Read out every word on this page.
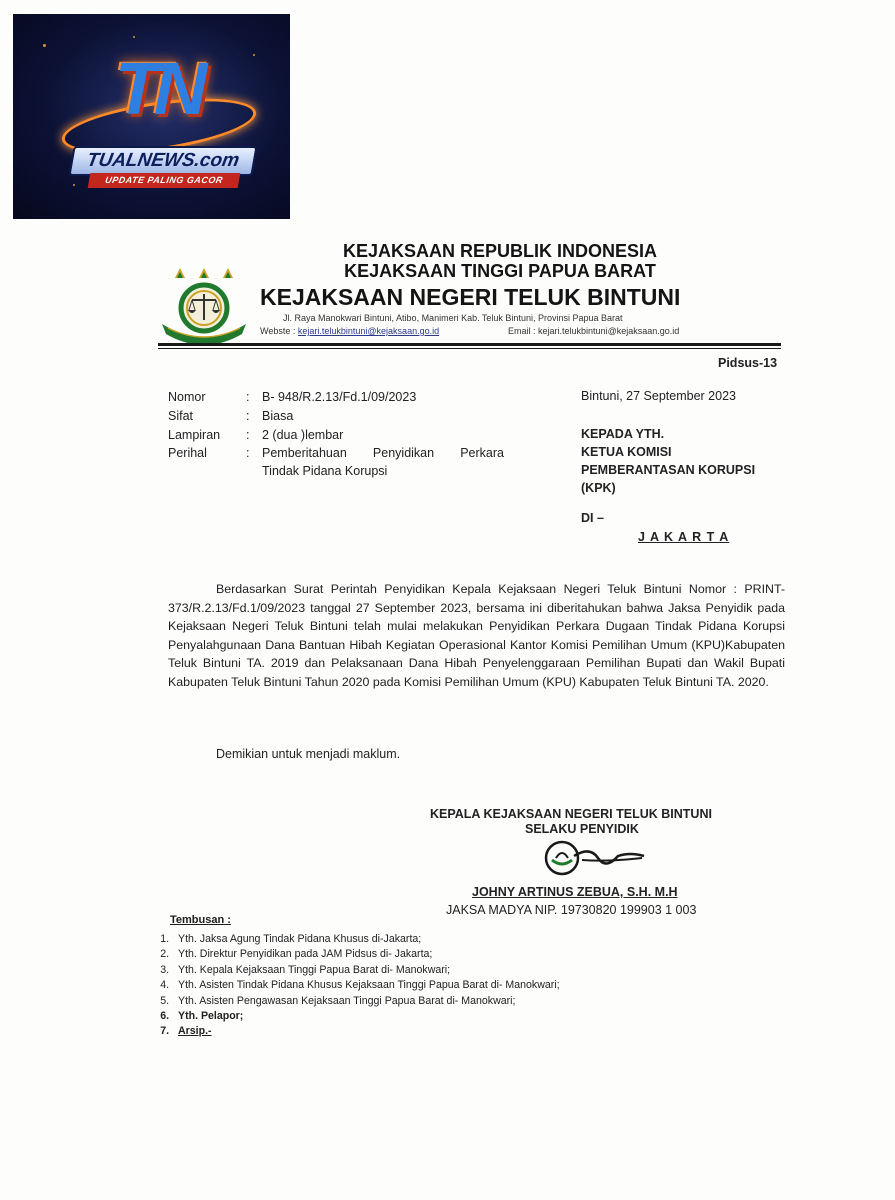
TN
TUALNEWS.com
UPDATE PALING GACOR
KEJAKSAAN REPUBLIK INDONESIA
KEJAKSAAN TINGGI PAPUA BARAT
KEJAKSAAN NEGERI TELUK BINTUNI
Jl. Raya Manokwari Bintuni, Atibo, Manimeri Kab. Teluk Bintuni, Provinsi Papua Barat
Webste : kejari.telukbintuni@kejaksaan.go.id	Email : kejari.telukbintuni@kejaksaan.go.id
Pidsus-13
Nomor	: B- 948/R.2.13/Fd.1/09/2023
Sifat	: Biasa
Lampiran : 2 (dua )lembar
Perihal	: Pemberitahuan Penyidikan Perkara
Tindak Pidana Korupsi
Bintuni, 27 September 2023
KEPADA YTH.
KETUA KOMISI
PEMBERANTASAN KORUPSI
(KPK)
DI –
J A K A R T A
Berdasarkan Surat Perintah Penyidikan Kepala Kejaksaan Negeri Teluk Bintuni Nomor : PRINT- 373/R.2.13/Fd.1/09/2023 tanggal 27 September 2023, bersama ini diberitahukan bahwa Jaksa Penyidik pada Kejaksaan Negeri Teluk Bintuni telah mulai melakukan Penyidikan Perkara Dugaan Tindak Pidana Korupsi Penyalahgunaan Dana Bantuan Hibah Kegiatan Operasional Kantor Komisi Pemilihan Umum (KPU)Kabupaten Teluk Bintuni TA. 2019 dan Pelaksanaan Dana Hibah Penyelenggaraan Pemilihan Bupati dan Wakil Bupati Kabupaten Teluk Bintuni Tahun 2020 pada Komisi Pemilihan Umum (KPU) Kabupaten Teluk Bintuni TA. 2020.
Demikian untuk menjadi maklum.
KEPALA KEJAKSAAN NEGERI TELUK BINTUNI
SELAKU PENYIDIK
JOHNY ARTINUS ZEBUA, S.H. M.H
JAKSA MADYA NIP. 19730820 199903 1 003
Tembusan :
1. Yth. Jaksa Agung Tindak Pidana Khusus di-Jakarta;
2. Yth. Direktur Penyidikan pada JAM Pidsus di- Jakarta;
3. Yth. Kepala Kejaksaan Tinggi Papua Barat di- Manokwari;
4. Yth. Asisten Tindak Pidana Khusus Kejaksaan Tinggi Papua Barat di- Manokwari;
5. Yth. Asisten Pengawasan Kejaksaan Tinggi Papua Barat di- Manokwari;
6. Yth. Pelapor;
7. Arsip.-
